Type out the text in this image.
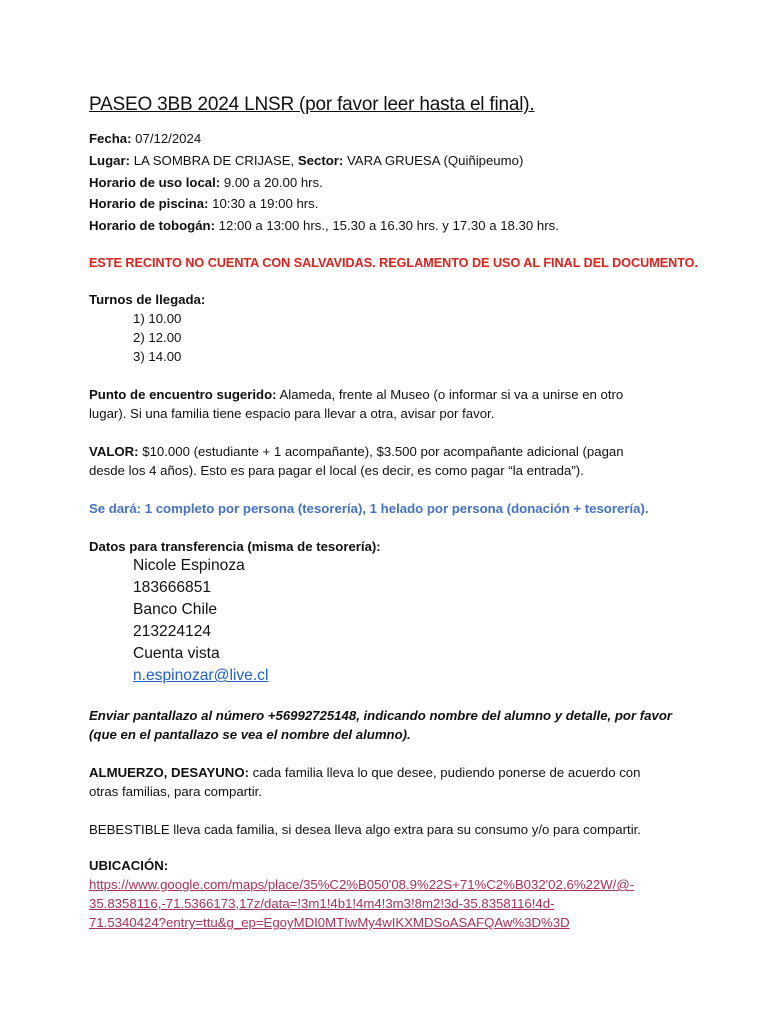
PASEO 3BB 2024 LNSR (por favor leer hasta el final).
Fecha: 07/12/2024
Lugar: LA SOMBRA DE CRIJASE, Sector: VARA GRUESA (Quiñipeumo)
Horario de uso local: 9.00 a 20.00 hrs.
Horario de piscina: 10:30 a 19:00 hrs.
Horario de tobogán: 12:00 a 13:00 hrs., 15.30 a 16.30 hrs. y 17.30 a 18.30 hrs.
ESTE RECINTO NO CUENTA CON SALVAVIDAS. REGLAMENTO DE USO AL FINAL DEL DOCUMENTO.
Turnos de llegada:
1) 10.00
2) 12.00
3) 14.00
Punto de encuentro sugerido: Alameda, frente al Museo (o informar si va a unirse en otro
lugar). Si una familia tiene espacio para llevar a otra, avisar por favor.
VALOR: $10.000 (estudiante + 1 acompañante), $3.500 por acompañante adicional (pagan
desde los 4 años). Esto es para pagar el local (es decir, es como pagar “la entrada”).
Se dará: 1 completo por persona (tesorería), 1 helado por persona (donación + tesorería).
Datos para transferencia (misma de tesorería):
Nicole Espinoza
183666851
Banco Chile
213224124
Cuenta vista
n.espinozar@live.cl
Enviar pantallazo al número +56992725148, indicando nombre del alumno y detalle, por favor
(que en el pantallazo se vea el nombre del alumno).
ALMUERZO, DESAYUNO: cada familia lleva lo que desee, pudiendo ponerse de acuerdo con
otras familias, para compartir.
BEBESTIBLE lleva cada familia, si desea lleva algo extra para su consumo y/o para compartir.
UBICACIÓN:
https://www.google.com/maps/place/35%C2%B050'08.9%22S+71%C2%B032'02.6%22W/@-
35.8358116,-71.5366173,17z/data=!3m1!4b1!4m4!3m3!8m2!3d-35.8358116!4d-
71.5340424?entry=ttu&g_ep=EgoyMDI0MTIwMy4wIKXMDSoASAFQAw%3D%3D
